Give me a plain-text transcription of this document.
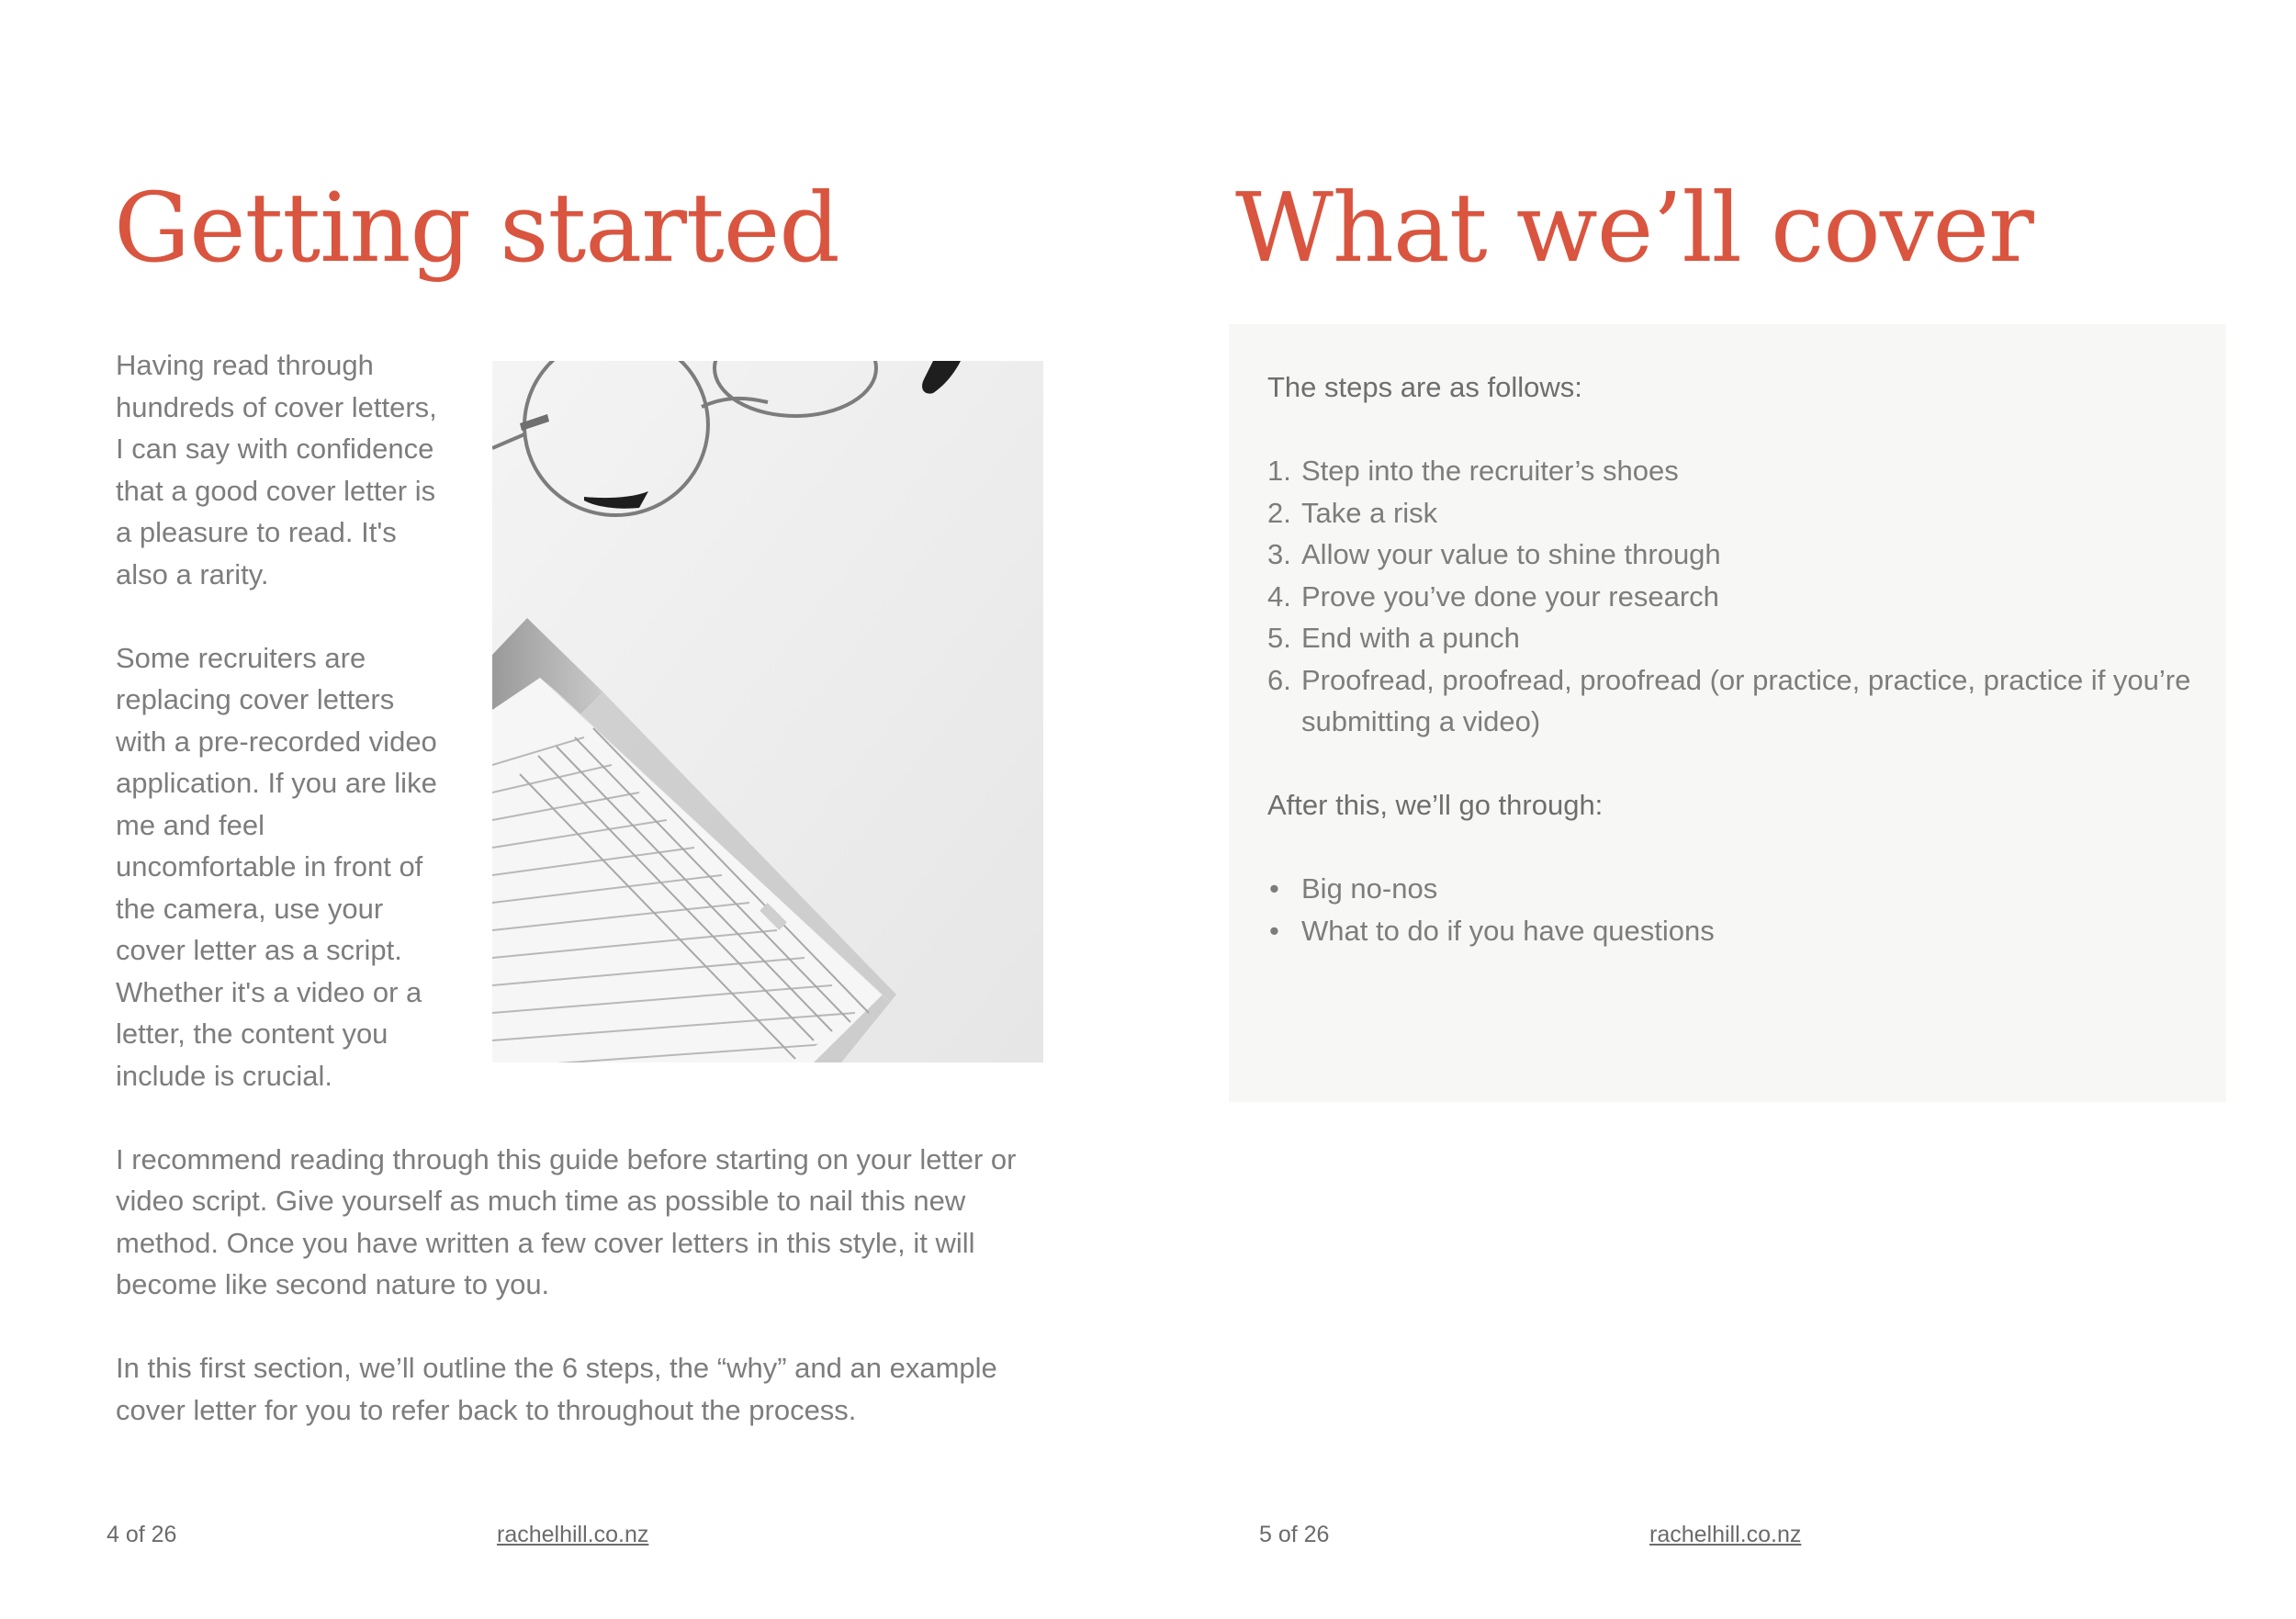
Getting started

Having read through hundreds of cover letters, I can say with confidence that a good cover letter is a pleasure to read. It's also a rarity.

Some recruiters are replacing cover letters with a pre-recorded video application. If you are like me and feel uncomfortable in front of the camera, use your cover letter as a script. Whether it's a video or a letter, the content you include is crucial.

I recommend reading through this guide before starting on your letter or video script. Give yourself as much time as possible to nail this new method. Once you have written a few cover letters in this style, it will become like second nature to you.

In this first section, we’ll outline the 6 steps, the “why” and an example cover letter for you to refer back to throughout the process.

4 of 26	rachelhill.co.nz
What we’ll cover

The steps are as follows:

1. Step into the recruiter’s shoes
2. Take a risk
3. Allow your value to shine through
4. Prove you’ve done your research
5. End with a punch
6. Proofread, proofread, proofread (or practice, practice, practice if you’re submitting a video)

After this, we’ll go through:

• Big no-nos
• What to do if you have questions
5 of 26	rachelhill.co.nz
